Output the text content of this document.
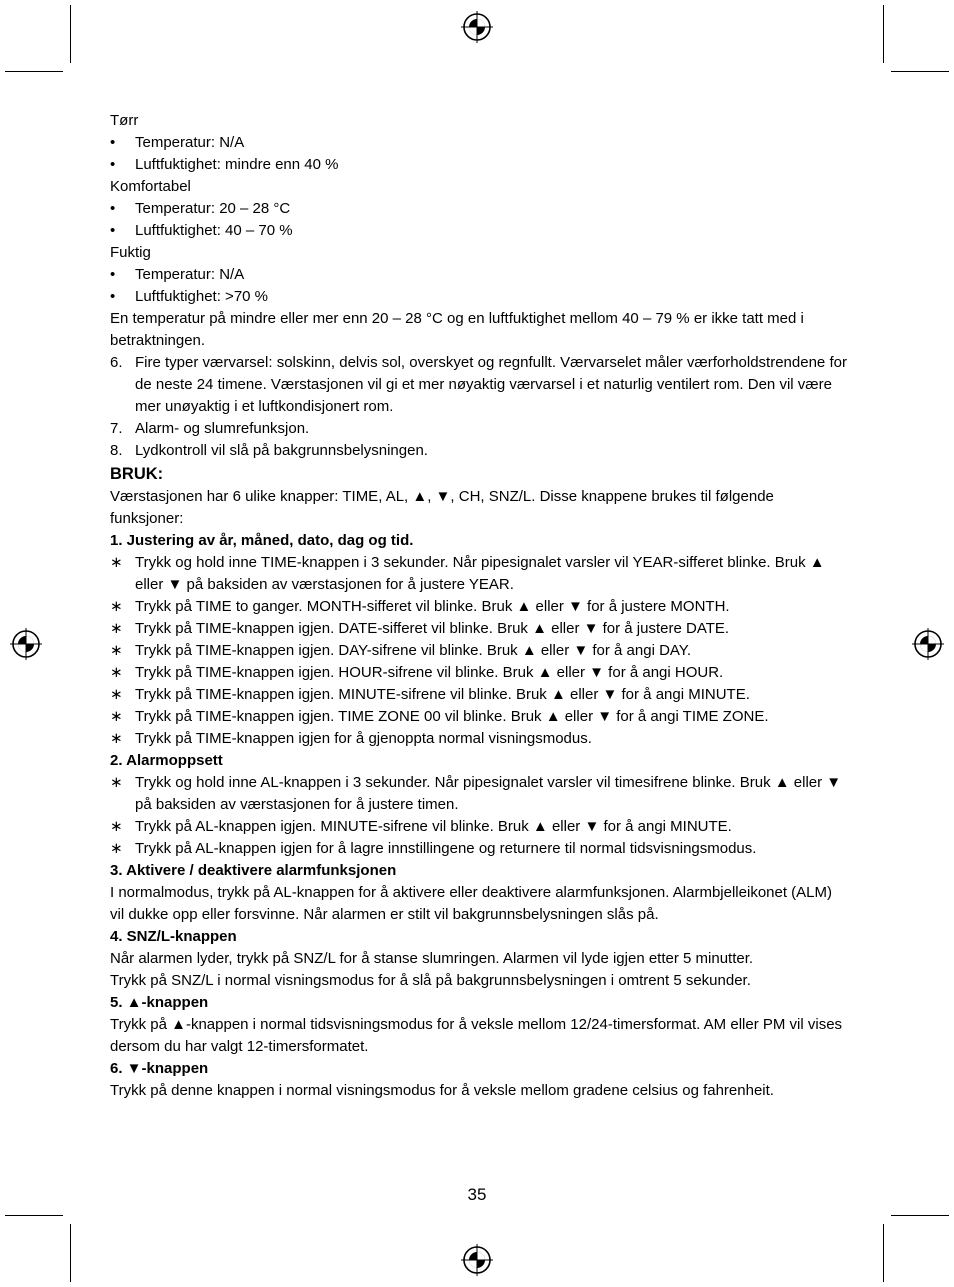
Tørr

• Temperatur: N/A
• Luftfuktighet: mindre enn 40 %

Komfortabel

• Temperatur: 20 – 28 °C
• Luftfuktighet: 40 – 70 %

Fuktig

• Temperatur: N/A
• Luftfuktighet: >70 %

En temperatur på mindre eller mer enn 20 – 28 °C og en luftfuktighet mellom 40 – 79 % er ikke tatt med i betraktningen.

6. Fire typer værvarsel: solskinn, delvis sol, overskyet og regnfullt. Værvarselet måler værforholdstrendene for de neste 24 timene. Værstasjonen vil gi et mer nøyaktig værvarsel i et naturlig ventilert rom. Den vil være mer unøyaktig i et luftkondisjonert rom.
7. Alarm- og slumrefunksjon.
8. Lydkontroll vil slå på bakgrunnsbelysningen.

BRUK:

Værstasjonen har 6 ulike knapper: TIME, AL, ▲, ▼, CH, SNZ/L. Disse knappene brukes til følgende funksjoner:

1. Justering av år, måned, dato, dag og tid.

∗ Trykk og hold inne TIME-knappen i 3 sekunder. Når pipesignalet varsler vil YEAR-sifferet blinke. Bruk ▲ eller ▼ på baksiden av værstasjonen for å justere YEAR.
∗ Trykk på TIME to ganger. MONTH-sifferet vil blinke. Bruk ▲ eller ▼ for å justere MONTH.
∗ Trykk på TIME-knappen igjen. DATE-sifferet vil blinke. Bruk ▲ eller ▼ for å justere DATE.
∗ Trykk på TIME-knappen igjen. DAY-sifrene vil blinke. Bruk ▲ eller ▼ for å angi DAY.
∗ Trykk på TIME-knappen igjen. HOUR-sifrene vil blinke. Bruk ▲ eller ▼ for å angi HOUR.
∗ Trykk på TIME-knappen igjen. MINUTE-sifrene vil blinke. Bruk ▲ eller ▼ for å angi MINUTE.
∗ Trykk på TIME-knappen igjen. TIME ZONE 00 vil blinke. Bruk ▲ eller ▼ for å angi TIME ZONE.
∗ Trykk på TIME-knappen igjen for å gjenoppta normal visningsmodus.

2. Alarmoppsett

∗ Trykk og hold inne AL-knappen i 3 sekunder. Når pipesignalet varsler vil timesifrene blinke. Bruk ▲ eller ▼ på baksiden av værstasjonen for å justere timen.
∗ Trykk på AL-knappen igjen. MINUTE-sifrene vil blinke. Bruk ▲ eller ▼ for å angi MINUTE.
∗ Trykk på AL-knappen igjen for å lagre innstillingene og returnere til normal tidsvisningsmodus.

3. Aktivere / deaktivere alarmfunksjonen

I normalmodus, trykk på AL-knappen for å aktivere eller deaktivere alarmfunksjonen. Alarmbjelleikonet (ALM) vil dukke opp eller forsvinne. Når alarmen er stilt vil bakgrunnsbelysningen slås på.

4. SNZ/L-knappen

Når alarmen lyder, trykk på SNZ/L for å stanse slumringen. Alarmen vil lyde igjen etter 5 minutter.

Trykk på SNZ/L i normal visningsmodus for å slå på bakgrunnsbelysningen i omtrent 5 sekunder.

5. ▲-knappen

Trykk på ▲-knappen i normal tidsvisningsmodus for å veksle mellom 12/24-timersformat. AM eller PM vil vises dersom du har valgt 12-timersformatet.

6. ▼-knappen

Trykk på denne knappen i normal visningsmodus for å veksle mellom gradene celsius og fahrenheit.

35
